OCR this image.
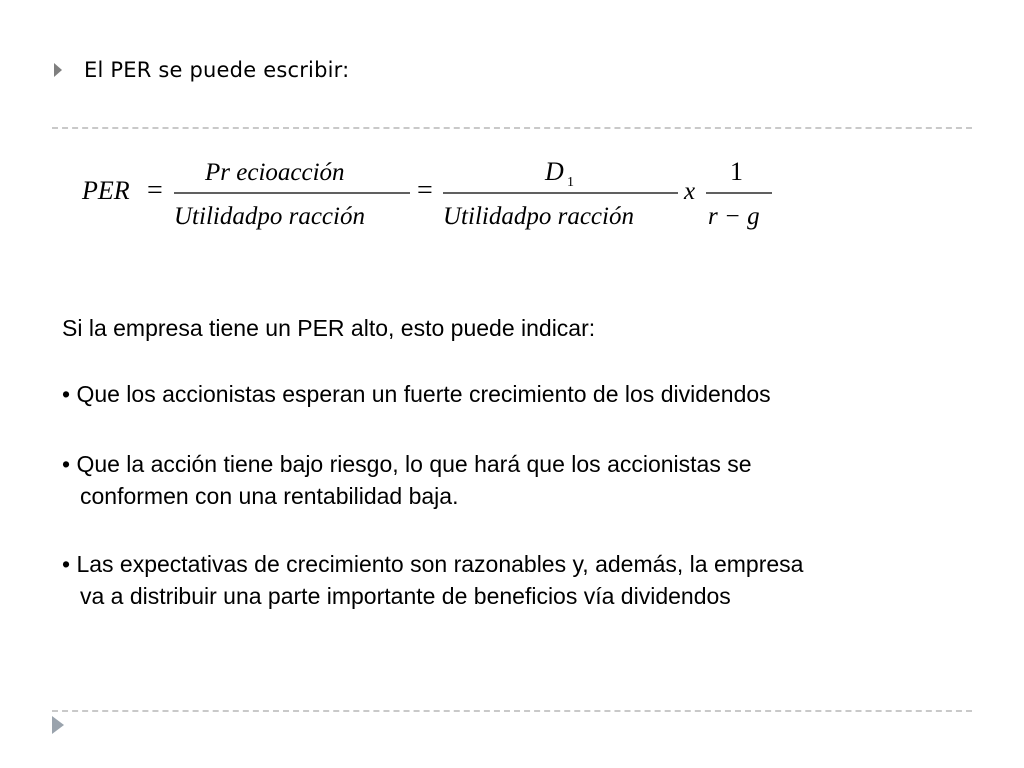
El PER se puede escribir:
PER =
Pr ecioacción
Utilidadpo racción
=
D 1
Utilidadpo racción
x
1
r − g
Si la empresa tiene un PER alto, esto puede indicar:
• Que los accionistas esperan un fuerte crecimiento de los dividendos
• Que la acción tiene bajo riesgo, lo que hará que los accionistas se
conformen con una rentabilidad baja.
• Las expectativas de crecimiento son razonables y, además, la empresa
va a distribuir una parte importante de beneficios vía dividendos
